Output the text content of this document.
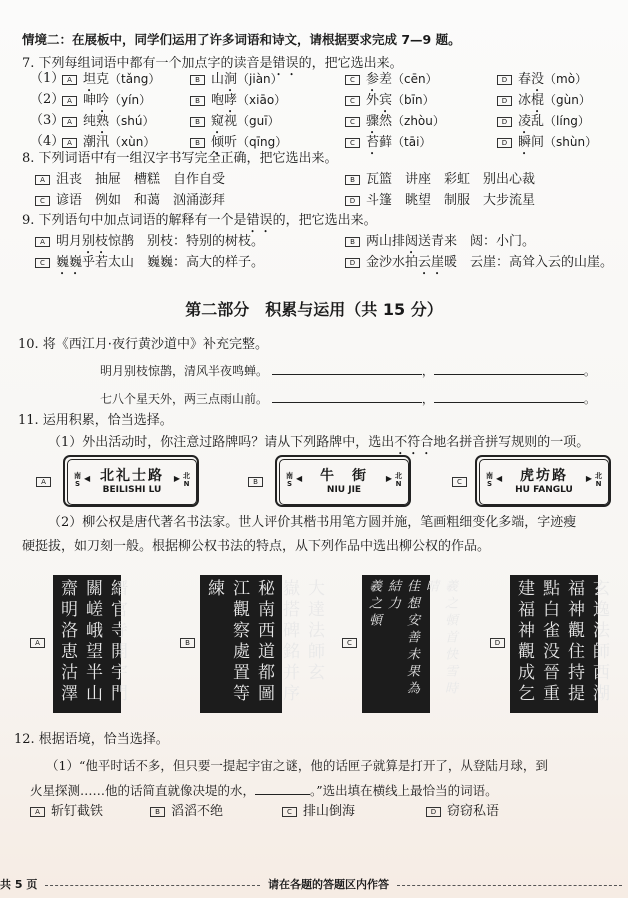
情境二：在展板中，同学们运用了许多词语和诗文，请根据要求完成 7—9 题。
7. 下列每组词语中都有一个加点字的读音是错误的，把它选出来。
8. 下列词语中有一组汉字书写完全正确，把它选出来。
9. 下列语句中加点词语的解释有一个是错误的，把它选出来。
第二部分　积累与运用（共 15 分）
10. 将《西江月·夜行黄沙道中》补充完整。
明月别枝惊鹊，清风半夜鸣蝉。	，	。
七八个星天外，两三点雨山前。	，	。
11. 运用积累，恰当选择。
（1）外出活动时，你注意过路牌吗？请从下列路牌中，选出不符合地名拼音拼写规则的一项。
（2）柳公权是唐代著名书法家。世人评价其楷书用笔方圆并施，笔画粗细变化多端，字迹瘦
硬挺拔，如刀刻一般。根据柳公权书法的特点，从下列作品中选出柳公权的作品。
12. 根据语境，恰当选择。
（1）“他平时话不多，但只要一提起宇宙之谜，他的话匣子就算是打开了，从登陆月球，到
火星探测……他的话简直就像决堤的水，	。”选出填在横线上最恰当的词语。
共 5 页	请在各题的答题区内作答
（1） A 坦克（tǎng）	B 山涧（jiàn）	C 参差（cēn）	D 春没（mò）
（2） A 呻吟（yín）	B 咆哮（xiāo）	C 外宾（bīn）	D 冰棍（gùn）
（3） A 纯熟（shú）	B 窥视（guī）	C 骤然（zhòu）	D 凌乱（líng）
（4） A 潮汛（xùn）	B 倾听（qīng）	C 苔藓（tāi）	D 瞬间（shùn）
A 沮丧　抽屉　槽糕　自作自受	B 瓦篮　讲座　彩虹　别出心裁
C 谚语　例如　和蔼　汹涌澎拜	D 斗篷　眺望　制服　大步流星
A 明月别枝惊鹊　别枝：特别的树枝。	B 两山排闼送青来　闼：小门。
C 巍巍乎若太山　巍巍：高大的样子。	D 金沙水拍云崖暖　云崖：高耸入云的山崖。
A
南
S
◀ 北礼士路
BEILISHI LU
▶ 北
N	B
南
S
◀	牛　街
NIU JIE
▶ 北
N	C
南
S
◀	虎坊路
HU FANGLU
▶ 北
N
A	縉官寺開宇門
關嵯峨望半山
齋明洛恵沽澤	B	大達法師玄
嶽搭碑銘并序
秘南西道都圖
江觀察處置等
練
C	羲之頓首快雪時晴
佳想安善未果為結力
羲之頓
D	玄逸法師西湖
福神觀住持提
點白雀没晉重
建福神觀成乞
A 斩钉截铁	B 滔滔不绝	C 排山倒海	D 窃窃私语
